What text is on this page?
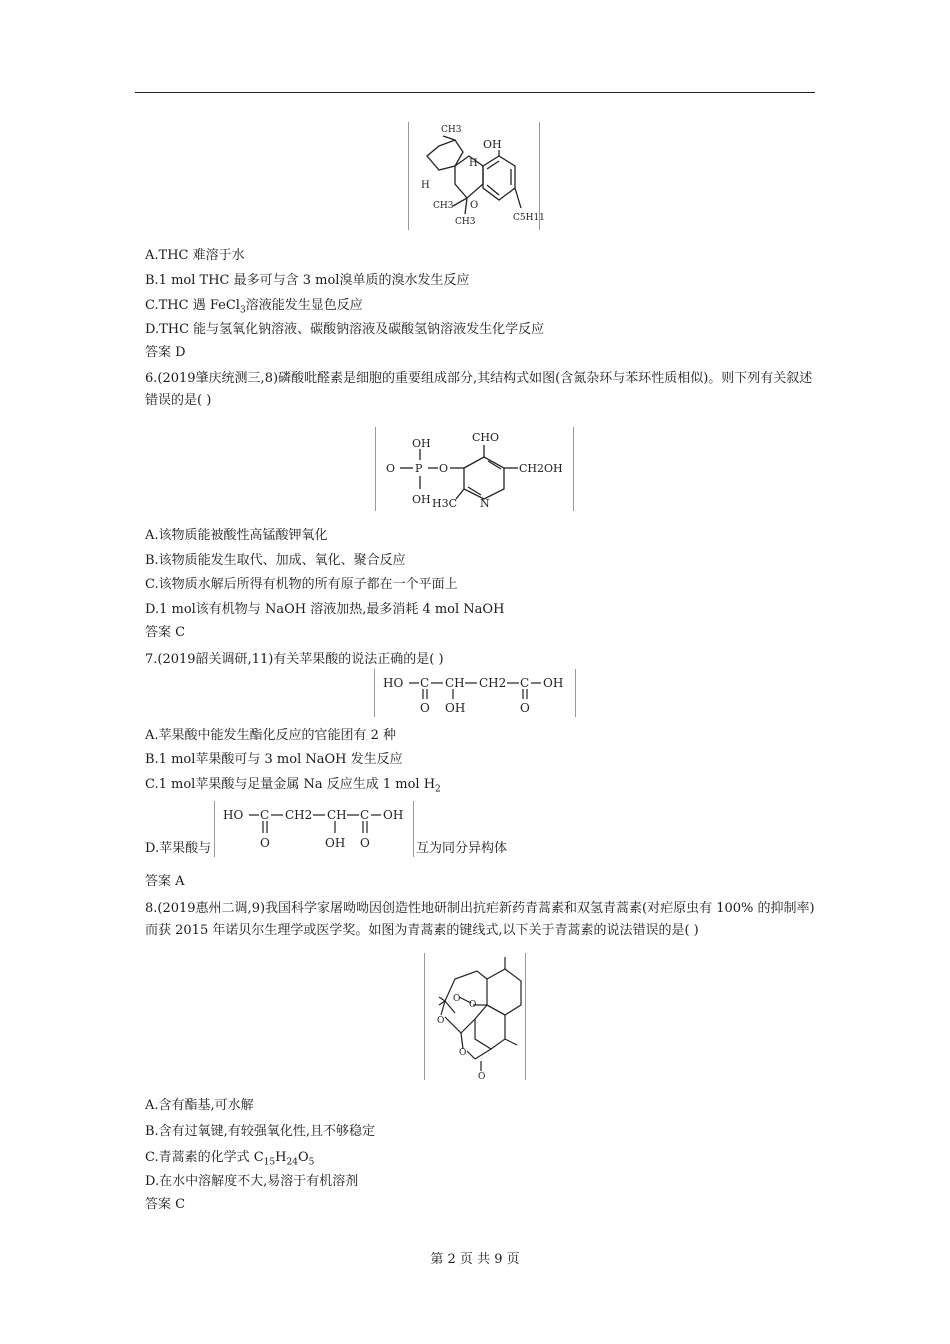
CH3
OH
H
H
CH3
CH3
O
C5H11
A.THC 难溶于水
B.1 mol THC 最多可与含 3 mol溴单质的溴水发生反应
C.THC 遇 FeCl$_3$溶液能发生显色反应
D.THC 能与氢氧化钠溶液、碳酸钠溶液及碳酸氢钠溶液发生化学反应
答案 D
6.(2019肇庆统测三,8)磷酸吡醛素是细胞的重要组成部分,其结构式如图(含氮杂环与苯环性质相似)。则下列有关叙述错误的是( )
OH
O P O
OH
CHO
CH2OH
H3C N
A.该物质能被酸性高锰酸钾氧化
B.该物质能发生取代、加成、氧化、聚合反应
C.该物质水解后所得有机物的所有原子都在一个平面上
D.1 mol该有机物与 NaOH 溶液加热,最多消耗 4 mol NaOH
答案 C
7.(2019韶关调研,11)有关苹果酸的说法正确的是( )
HO C CH CH2 C OH
O OH	O
A.苹果酸中能发生酯化反应的官能团有 2 种
B.1 mol苹果酸可与 3 mol NaOH 发生反应
C.1 mol苹果酸与足量金属 Na 反应生成 1 mol $H_2$
D.苹果酸与
HO C CH2 CH C OH
O	OH O	互为同分异构体
答案 A
8.(2019惠州二调,9)我国科学家屠呦呦因创造性地研制出抗疟新药青蒿素和双氢青蒿素(对疟原虫有 100% 的抑制率)而获 2015 年诺贝尔生理学或医学奖。如图为青蒿素的键线式,以下关于青蒿素的说法错误的是( )
O
O
O
O
O
A.含有酯基,可水解
B.含有过氧键,有较强氧化性,且不够稳定
C.青蒿素的化学式 $C_{15}H_{24}O_5$
D.在水中溶解度不大,易溶于有机溶剂
答案 C
第 2 页 共 9 页
